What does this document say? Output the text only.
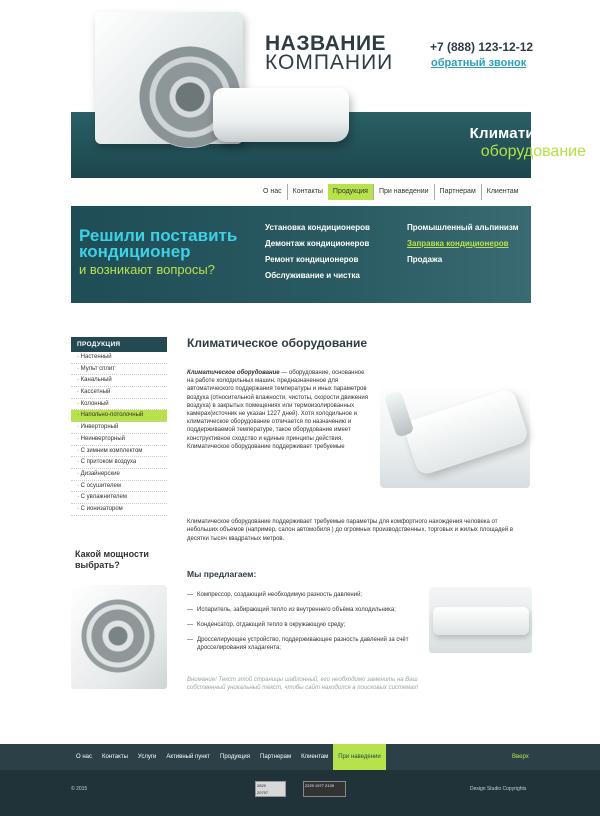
Климатическое
оборудование
НАЗВАНИЕ
КОМПАНИИ
+7 (888) 123-12-12
обратный звонок
О нас	Контакты	Продукция	При наведении	Партнерам	Клиентам
Решили поставить
кондиционер
и возникают вопросы?
Установка кондиционеров
Демонтаж кондиционеров
Ремонт кондиционеров
Обслуживание и чистка
Промышленный альпинизм
Заправка кондиционеров
Продажа
ПРОДУКЦИЯ
· Настенный
· Мульт сплит
· Канальный
· Кассетный
· Колонный
· Напольно-потолочный
· Инверторный
· Неинверторный
· С зимним комплектом
· С притоком воздуха
· Дизайнерские
· С осушителем
· С увлажнителем
· С ионизатором
Какой мощности выбрать?
Климатическое оборудование
Климатическое оборудование — оборудование, основанное на работе холодильных машин, предназначенное для автоматического поддержания температуры и иных параметров воздуха (относительной влажности, чистоты, скорости движения воздуха) в закрытых помещениях или термоизолированных камерах(источник не указан 1227 дней). Хотя холодильное и климатическое оборудование отличается по назначению и поддерживаемой температуре, такое оборудование имеет конструктивное сходство и единые принципы действия. Климатическое оборудование поддерживает требуемые
Климатическое оборудование поддерживает требуемые параметры для комфортного нахождения человека от небольших объемов (например, салон автомобиля ) до огромных производственных, торговых и жилых площадей в десятки тысяч квадратных метров.
Мы предлагаем:
— Компрессор, создающий необходимую разность давлений;
— Испаритель, забирающий тепло из внутреннего объёма холодильника;
— Конденсатор, отдающий тепло в окружающую среду;
— Дросселирующее устройство, поддерживающее разность давлений за счёт дросселирования хладагента;
Внимание! Текст этой страницы шаблонный, его необходимо заменить на Ваш собственный уникальный текст, чтобы сайт находился в поисковых системах!
О нас	Контакты	Услуги	Активный пункт	Продукция	Партнерам	Клиентам	При наведении	Вверх
© 2015
2829
20797
2229 1977 2139
Design Studio Copyrights
